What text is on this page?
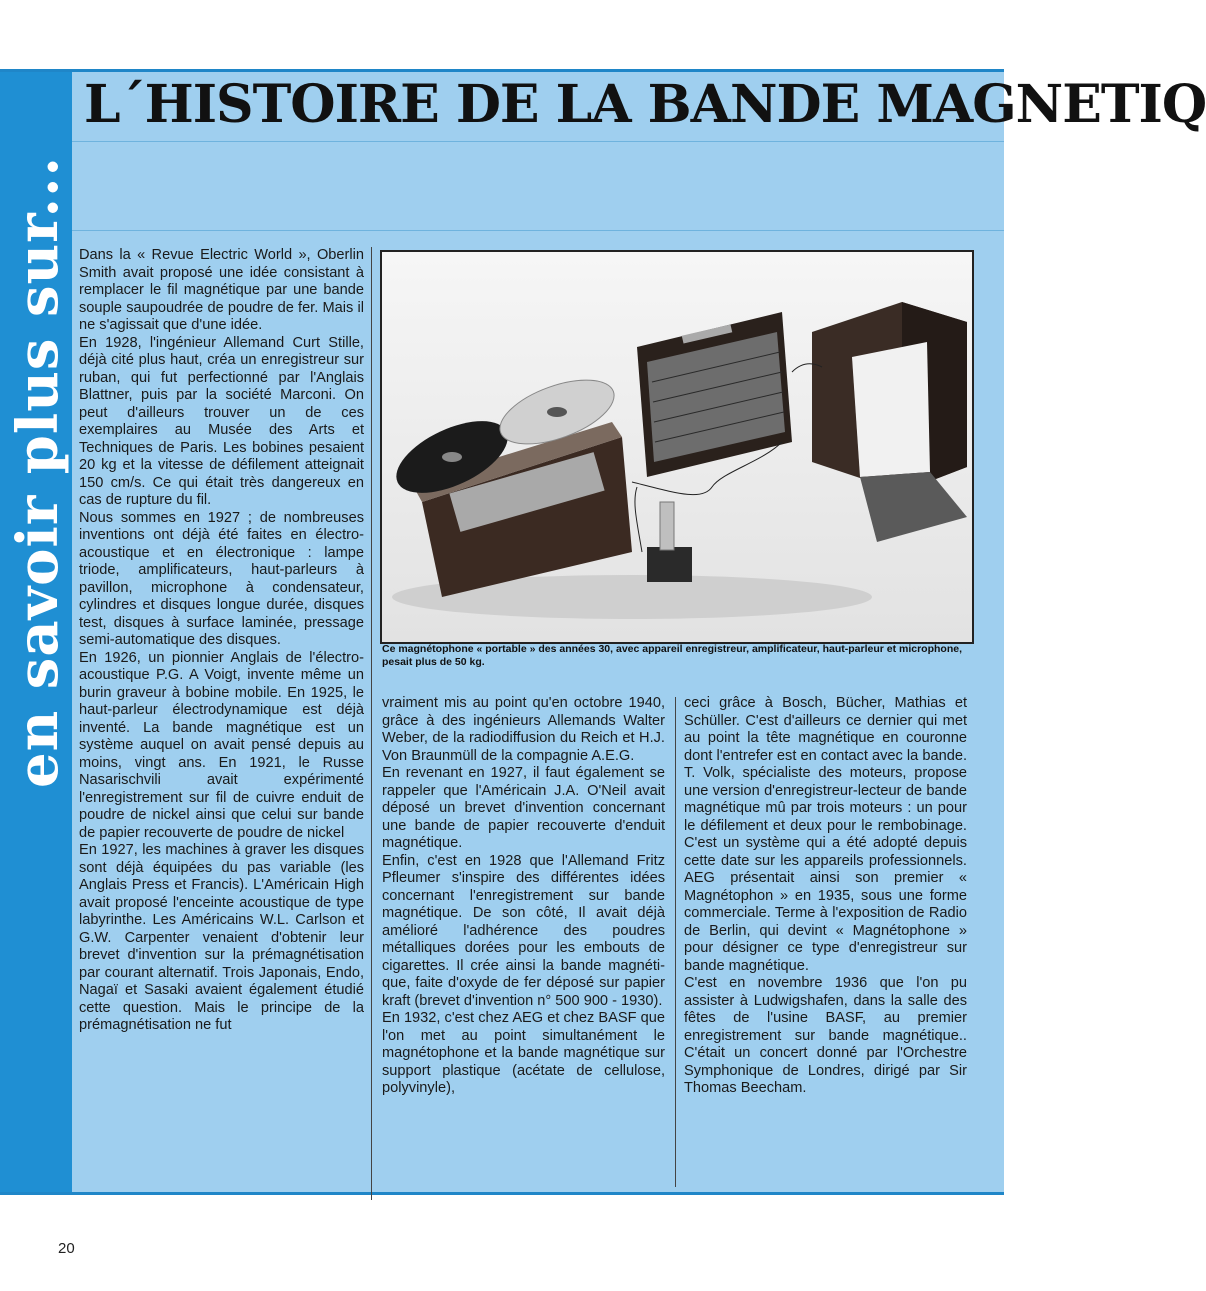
en savoir plus sur...
L´HISTOIRE DE LA BANDE MAGNETIQ

Dans la « Revue Electric World », Oberlin Smith avait proposé une idée consistant à remplacer le fil magnétique par une bande souple saupoudrée de poudre de fer. Mais il ne s'agissait que d'une idée.

En 1928, l'ingénieur Allemand Curt Stille, déjà cité plus haut, créa un enregistreur sur ruban, qui fut perfectionné par l'Anglais Blattner, puis par la société Marconi. On peut d'ailleurs trouver un de ces exemplaires au Musée des Arts et Techniques de Paris. Les bobines pesaient 20 kg et la vitesse de défilement atteignait 150 cm/s. Ce qui était très dangereux en cas de rupture du fil.

Nous sommes en 1927 ; de nombreuses inventions ont déjà été faites en électro-acoustique et en électronique : lampe triode, amplificateurs, haut-parleurs à pavillon, microphone à condensateur, cylindres et disques longue durée, disques test, disques à surface laminée, pressage semi-automatique des disques.

En 1926, un pionnier Anglais de l'électro-acoustique P.G. A Voigt, invente même un burin graveur à bobine mobile. En 1925, le haut-parleur électrodynamique est déjà inventé. La bande magnétique est un système auquel on avait pensé depuis au moins, vingt ans. En 1921, le Russe Nasarischvili avait expérimenté l'enregistrement sur fil de cuivre enduit de poudre de nickel ainsi que celui sur bande de papier recouverte de poudre de nickel

En 1927, les machines à graver les disques sont déjà équipées du pas variable (les Anglais Press et Francis). L'Américain High avait proposé l'enceinte acoustique de type labyrinthe. Les Américains W.L. Carlson et G.W. Carpenter venaient d'obtenir leur brevet d'invention sur la prémagnétisation par courant alternatif. Trois Japonais, Endo, Nagaï et Sasaki avaient également étudié cette question. Mais le principe de la prémagnétisation ne fut

Ce magnétophone « portable » des années 30, avec appareil enregistreur, amplificateur, haut-parleur et microphone, pesait plus de 50 kg.

vraiment mis au point qu'en octobre 1940, grâce à des ingénieurs Allemands Walter Weber, de la radiodiffusion du Reich et H.J. Von Braunmüll de la compagnie A.E.G.

En revenant en 1927, il faut également se rappeler que l'Américain J.A. O'Neil avait déposé un brevet d'invention concernant une bande de papier recouverte d'enduit magnétique.

Enfin, c'est en 1928 que l'Allemand Fritz Pfleumer s'inspire des différentes idées concernant l'enregistrement sur bande magnétique. De son côté, Il avait déjà amélioré l'adhérence des poudres métalliques dorées pour les embouts de cigarettes. Il crée ainsi la bande magnétique, faite d'oxyde de fer déposé sur papier kraft (brevet d'invention n° 500 900 - 1930).

En 1932, c'est chez AEG et chez BASF que l'on met au point simultanément le magnétophone et la bande magnétique sur support plastique (acétate de cellulose, polyvinyle),

ceci grâce à Bosch, Bücher, Mathias et Schüller. C'est d'ailleurs ce dernier qui met au point la tête magnétique en couronne dont l'entrefer est en contact avec la bande. T. Volk, spécialiste des moteurs, propose une version d'enregistreur-lecteur de bande magnétique mû par trois moteurs : un pour le défilement et deux pour le rembobinage. C'est un système qui a été adopté depuis cette date sur les appareils professionnels. AEG présentait ainsi son premier « Magnétophon » en 1935, sous une forme commerciale. Terme à l'exposition de Radio de Berlin, qui devint « Magnétophone » pour désigner ce type d'enregistreur sur bande magnétique.

C'est en novembre 1936 que l'on pu assister à Ludwigshafen, dans la salle des fêtes de l'usine BASF, au premier enregistrement sur bande magnétique.. C'était un concert donné par l'Orchestre Symphonique de Londres, dirigé par Sir Thomas Beecham.

20
